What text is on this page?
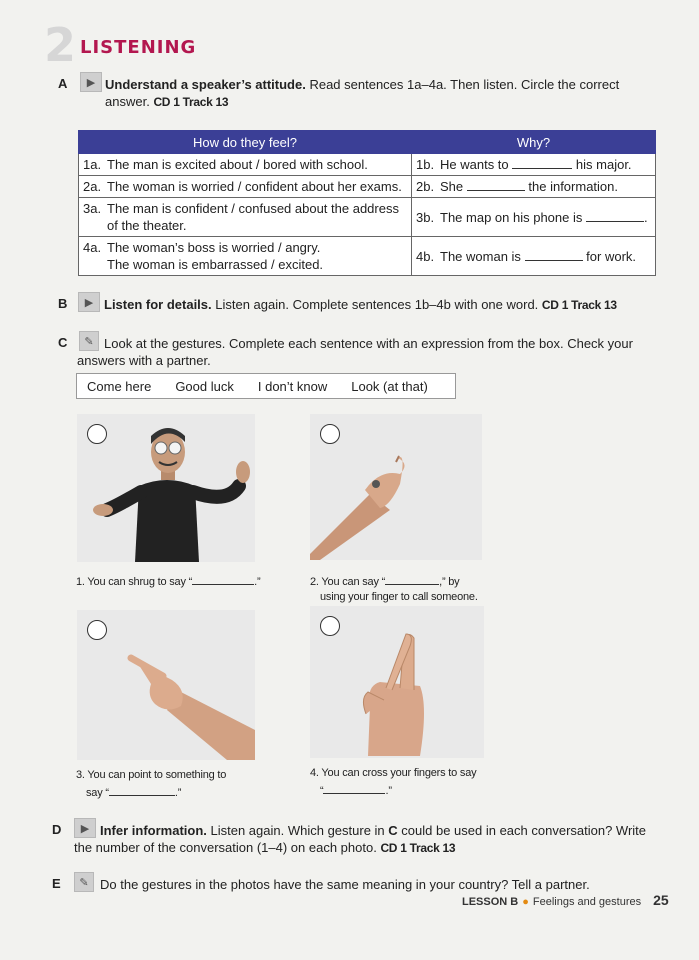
2 LISTENING
A	▶ Understand a speaker’s attitude. Read sentences 1a–4a. Then listen. Circle the correct
answer. CD 1 Track 13
How do they feel?	Why?
1a. The man is excited about / bored with school.	1b. He wants to his major.
2a. The woman is worried / confident about her exams.	2b. She the information.
3a. The man is confident / confused about the address
of the theater.	3b. The map on his phone is .
4a. The woman’s boss is worried / angry.
The woman is embarrassed / excited.	4b. The woman is for work.
B	▶ Listen for details. Listen again. Complete sentences 1b–4b with one word. CD 1 Track 13
C	✎ Look at the gestures. Complete each sentence with an expression from the box. Check your
answers with a partner.
Come here Good luck I don’t know Look (at that)
1. You can shrug to say “	.”	2. You can say “	,” by
using your finger to call someone.
3. You can point to something to
say “	.”
4. You can cross your fingers to say
“	.”
D	▶ Infer information. Listen again. Which gesture in C could be used in each conversation? Write
the number of the conversation (1–4) on each photo. CD 1 Track 13
E	✎ Do the gestures in the photos have the same meaning in your country? Tell a partner.
LESSON B ● Feelings and gestures 25
